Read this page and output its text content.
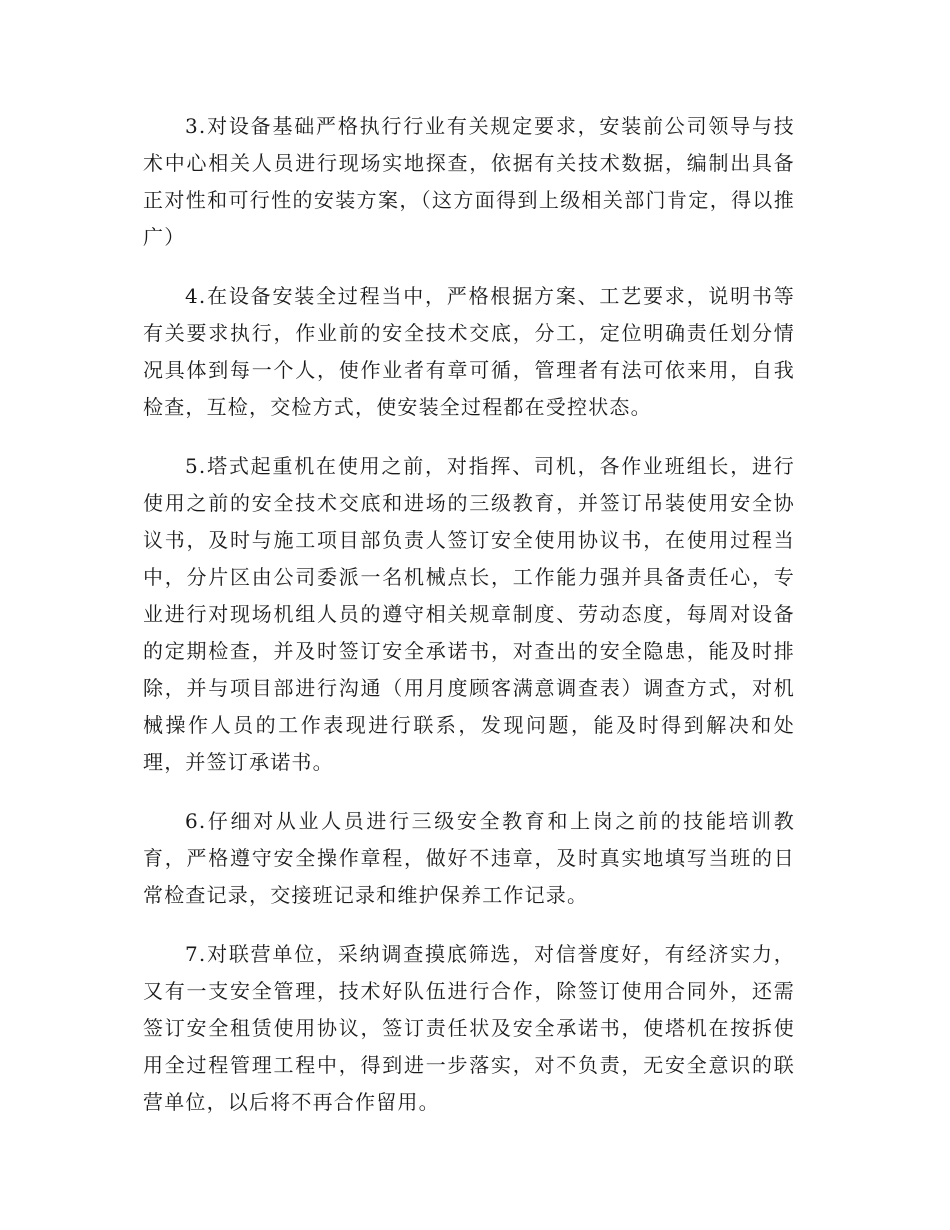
3.对设备基础严格执行行业有关规定要求，安装前公司领导与技术中心相关人员进行现场实地探查，依据有关技术数据，编制出具备正对性和可行性的安装方案，（这方面得到上级相关部门肯定，得以推广）

4.在设备安装全过程当中，严格根据方案、工艺要求，说明书等有关要求执行，作业前的安全技术交底，分工，定位明确责任划分情况具体到每一个人，使作业者有章可循，管理者有法可依来用，自我检查，互检，交检方式，使安装全过程都在受控状态。

5.塔式起重机在使用之前，对指挥、司机，各作业班组长，进行使用之前的安全技术交底和进场的三级教育，并签订吊装使用安全协议书，及时与施工项目部负责人签订安全使用协议书，在使用过程当中，分片区由公司委派一名机械点长，工作能力强并具备责任心，专业进行对现场机组人员的遵守相关规章制度、劳动态度，每周对设备的定期检查，并及时签订安全承诺书，对查出的安全隐患，能及时排除，并与项目部进行沟通（用月度顾客满意调查表）调查方式，对机械操作人员的工作表现进行联系，发现问题，能及时得到解决和处理，并签订承诺书。

6.仔细对从业人员进行三级安全教育和上岗之前的技能培训教育，严格遵守安全操作章程，做好不违章，及时真实地填写当班的日常检查记录，交接班记录和维护保养工作记录。

7.对联营单位，采纳调查摸底筛选，对信誉度好，有经济实力，又有一支安全管理，技术好队伍进行合作，除签订使用合同外，还需签订安全租赁使用协议，签订责任状及安全承诺书，使塔机在按拆使用全过程管理工程中，得到进一步落实，对不负责，无安全意识的联营单位，以后将不再合作留用。
